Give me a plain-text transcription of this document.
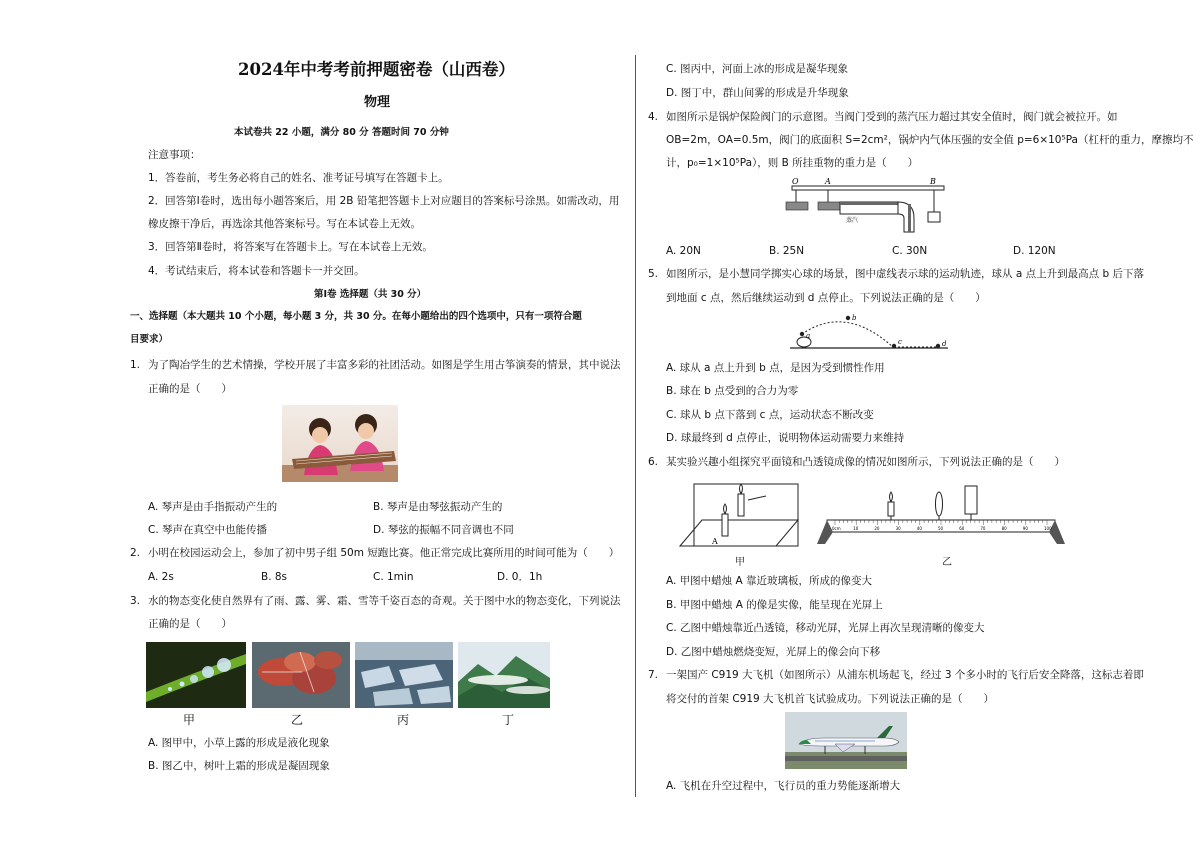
2024年中考考前押题密卷（山西卷）
物理
本试卷共 22 小题，满分 80 分 答题时间 70 分钟
注意事项：
1．答卷前，考生务必将自己的姓名、准考证号填写在答题卡上。
2．回答第Ⅰ卷时，选出每小题答案后，用 2B 铅笔把答题卡上对应题目的答案标号涂黑。如需改动，用
橡皮擦干净后，再选涂其他答案标号。写在本试卷上无效。
3．回答第Ⅱ卷时，将答案写在答题卡上。写在本试卷上无效。
4．考试结束后，将本试卷和答题卡一并交回。
第Ⅰ卷 选择题（共 30 分）
一、选择题（本大题共 10 个小题，每小题 3 分，共 30 分。在每小题给出的四个选项中，只有一项符合题
目要求）
1. 为了陶冶学生的艺术情操，学校开展了丰富多彩的社团活动。如图是学生用古筝演奏的情景，其中说法
正确的是（　　）
A. 琴声是由手指振动产生的	B. 琴声是由琴弦振动产生的
C. 琴声在真空中也能传播	D. 琴弦的振幅不同音调也不同
2. 小明在校园运动会上，参加了初中男子组 50m 短跑比赛。他正常完成比赛所用的时间可能为（　　）
A. 2s	B. 8s	C. 1min	D. 0．1h
3. 水的物态变化使自然界有了雨、露、雾、霜、雪等千姿百态的奇观。关于图中水的物态变化，下列说法
正确的是（　　）
甲	乙	丙	丁
A. 图甲中，小草上露的形成是液化现象
B. 图乙中，树叶上霜的形成是凝固现象
C. 图丙中，河面上冰的形成是凝华现象
D. 图丁中，群山间雾的形成是升华现象
4. 如图所示是锅炉保险阀门的示意图。当阀门受到的蒸汽压力超过其安全值时，阀门就会被拉开。如
OB=2m，OA=0.5m，阀门的底面积 S=2cm²，锅炉内气体压强的安全值 p=6×10⁵Pa（杠杆的重力，摩擦均不
计，p₀=1×10⁵Pa），则 B 所挂重物的重力是（　　）
蒸汽
O	A	B
A. 20N	B. 25N	C. 30N	D. 120N
5. 如图所示，是小慧同学掷实心球的场景，图中虚线表示球的运动轨迹，球从 a 点上升到最高点 b 后下落
到地面 c 点，然后继续运动到 d 点停止。下列说法正确的是（　　）
a
b
c	d
A. 球从 a 点上升到 b 点，是因为受到惯性作用
B. 球在 b 点受到的合力为零
C. 球从 b 点下落到 c 点，运动状态不断改变
D. 球最终到 d 点停止，说明物体运动需要力来维持
6. 某实验兴趣小组探究平面镜和凸透镜成像的情况如图所示，下列说法正确的是（　　）
A
甲
0cm	10	20	30	40	50	60	70	80	90	100
乙
A. 甲图中蜡烛 A 靠近玻璃板，所成的像变大
B. 甲图中蜡烛 A 的像是实像，能呈现在光屏上
C. 乙图中蜡烛靠近凸透镜，移动光屏，光屏上再次呈现清晰的像变大
D. 乙图中蜡烛燃烧变短，光屏上的像会向下移
7. 一架国产 C919 大飞机（如图所示）从浦东机场起飞，经过 3 个多小时的飞行后安全降落，这标志着即
将交付的首架 C919 大飞机首飞试验成功。下列说法正确的是（　　）
A. 飞机在升空过程中，飞行员的重力势能逐渐增大
